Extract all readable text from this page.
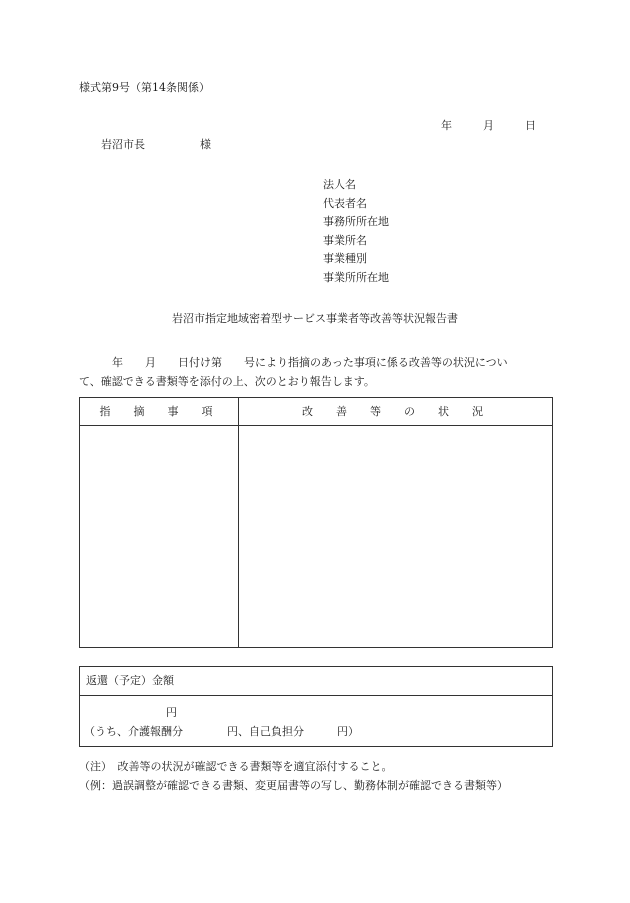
様式第9号（第14条関係）
年	月	日
岩沼市長　　　　　様
法人名
代表者名
事務所所在地
事業所名
事業種別
事業所所在地
岩沼市指定地域密着型サービス事業者等改善等状況報告書

　　　年　　月　　日付け第　　号により指摘のあった事項に係る改善等の状況につい

て、確認できる書類等を添付の上、次のとおり報告します。

指　摘　事　項	改　善　等　の　状　況
返還（予定）金額
円
（うち、介護報酬分　　　　円、自己負担分　　　円）
（注）　改善等の状況が確認できる書類等を適宜添付すること。
（例：過誤調整が確認できる書類、変更届書等の写し、勤務体制が確認できる書類等）
